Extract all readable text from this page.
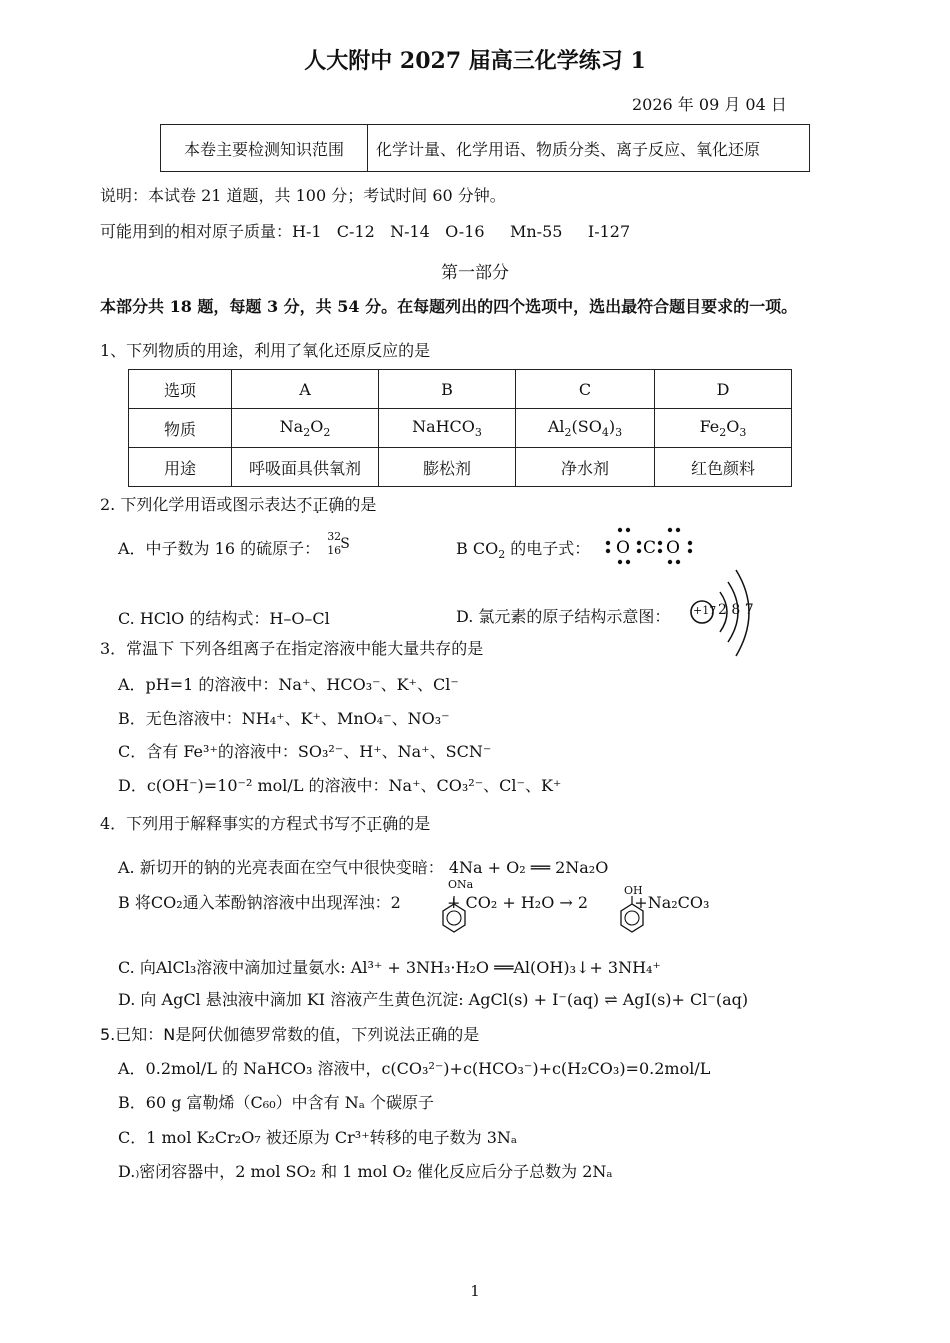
人大附中 2027 届高三化学练习 1
2026 年 09 月 04 日
本卷主要检测知识范围	化学计量、化学用语、物质分类、离子反应、氧化还原
说明：本试卷 21 道题，共 100 分；考试时间 60 分钟。
可能用到的相对原子质量：H-1   C-12   N-14   O-16     Mn-55     I-127
第一部分
本部分共 18 题，每题 3 分，共 54 分。在每题列出的四个选项中，选出最符合题目要求的一项。
1、下列物质的用途，利用了氧化还原反应的是
选项	A	B	C	D
物质	$Na_2O_2$	NaHCO$_3$	$Al_2(SO_4)_3$	$Fe_2O_3$
用途	呼吸面具供氧剂	膨松剂	净水剂	红色颜料
2. 下列化学用语或图示表达不正确 · · ·的是
A．中子数为 16 的硫原子：
32
16 S	B $CO_2$ 的电子式： O C O
C. HClO 的结构式：H–O–Cl	D. 氯元素的原子结构示意图： +17 2 8 7
3．常温下 下列各组离子在指定溶液中能大量共存的是
A．pH=1 的溶液中：Na⁺、HCO₃⁻、K⁺、Cl⁻
B．无色溶液中：NH₄⁺、K⁺、MnO₄⁻、NO₃⁻
C．含有 Fe³⁺的溶液中：SO₃²⁻、H⁺、Na⁺、SCN⁻
D．c(OH⁻)=10⁻² mol/L 的溶液中：Na⁺、CO₃²⁻、Cl⁻、K⁺
4．下列用于解释事实的方程式书写不正确 · · ·的是
A. 新切开的钠的光亮表面在空气中很快变暗： 4Na + O₂ ══ 2Na₂O
B 将CO₂通入苯酚钠溶液中出现浑浊：2	+ CO₂ + H₂O → 2	+Na₂CO₃
ONa	OH
C. 向AlCl₃溶液中滴加过量氨水: Al³⁺ + 3NH₃·H₂O ══Al(OH)₃↓+ 3NH₄⁺
D. 向 AgCl 悬浊液中滴加 KI 溶液产生黄色沉淀: AgCl(s) + I⁻(aq) ⇌ AgI(s)+ Cl⁻(aq)
5.已知：N是阿伏伽德罗常数的值，下列说法正确的是
A．0.2mol/L 的 NaHCO₃ 溶液中，c(CO₃²⁻)+c(HCO₃⁻)+c(H₂CO₃)=0.2mol/L
B．60 g 富勒烯（C₆₀）中含有 Nₐ 个碳原子
C．1 mol K₂Cr₂O₇ 被还原为 Cr³⁺转移的电子数为 3Nₐ
D.₎密闭容器中，2 mol SO₂ 和 1 mol O₂ 催化反应后分子总数为 2Nₐ
1
